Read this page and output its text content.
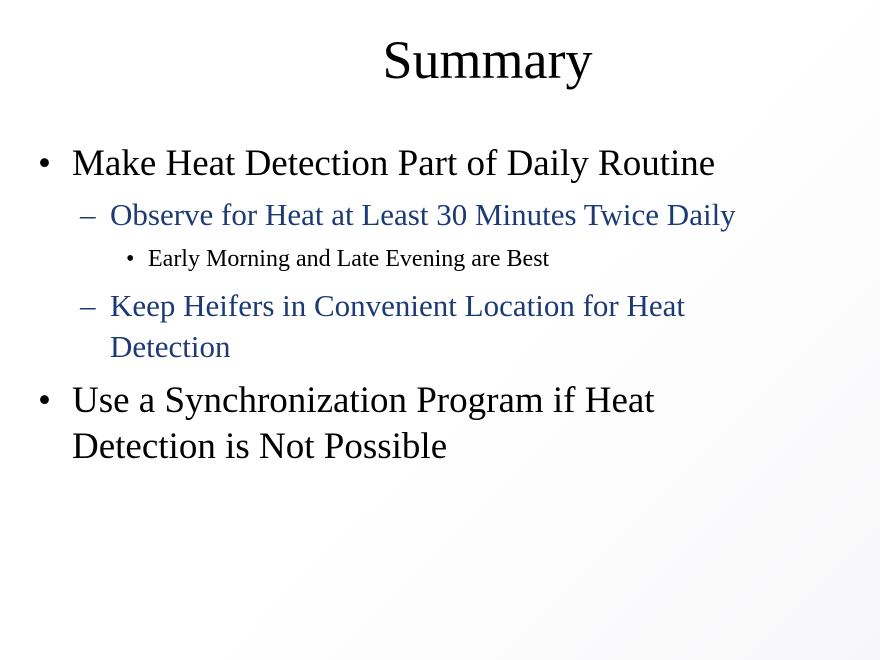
Summary
• Make Heat Detection Part of Daily Routine
– Observe for Heat at Least 30 Minutes Twice Daily
• Early Morning and Late Evening are Best
– Keep Heifers in Convenient Location for Heat Detection
• Use a Synchronization Program if Heat Detection is Not Possible
